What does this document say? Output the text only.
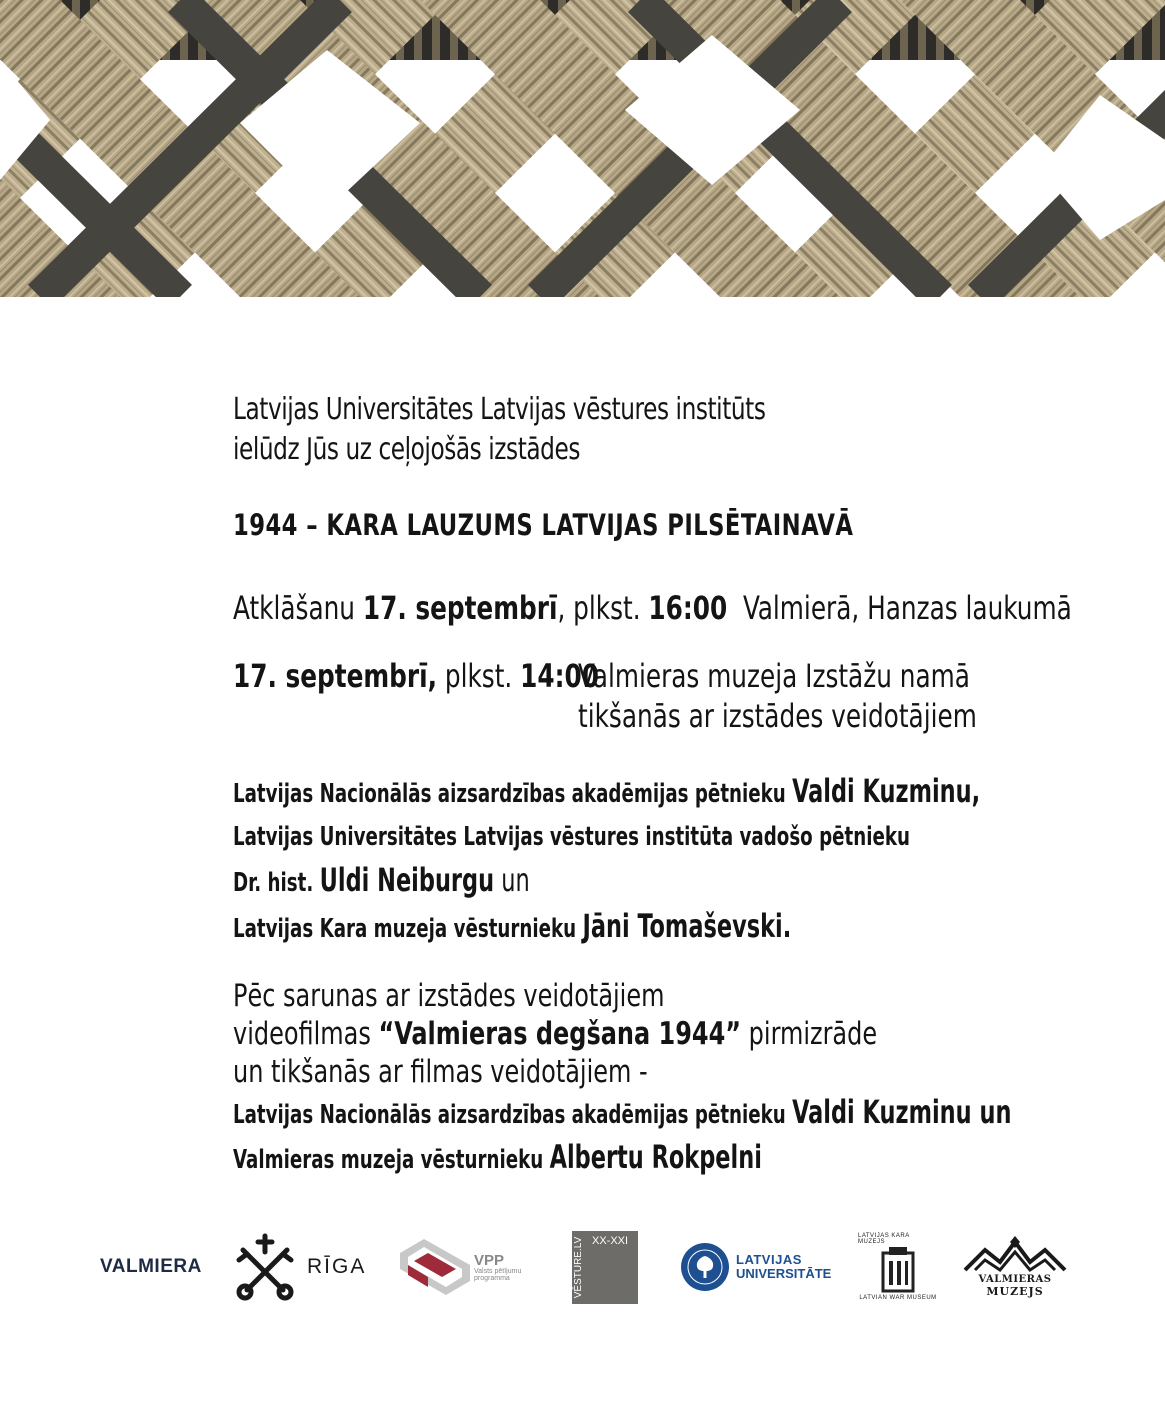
Latvijas Universitātes Latvijas vēstures institūts
ielūdz Jūs uz ceļojošās izstādes
1944 – KARA LAUZUMS LATVIJAS PILSĒTAINAVĀ
Atklāšanu 17. septembrī, plkst. 16:00  Valmierā, Hanzas laukumā
17. septembrī, plkst. 14:00
Valmieras muzeja Izstāžu namā
tikšanās ar izstādes veidotājiem
Latvijas Nacionālās aizsardzības akadēmijas pētnieku Valdi Kuzminu,
Latvijas Universitātes Latvijas vēstures institūta vadošo pētnieku
Dr. hist. Uldi Neiburgu un
Latvijas Kara muzeja vēsturnieku Jāni Tomaševski.
Pēc sarunas ar izstādes veidotājiem
videofilmas “Valmieras degšana 1944” pirmizrāde
un tikšanās ar filmas veidotājiem -
Latvijas Nacionālās aizsardzības akadēmijas pētnieku Valdi Kuzminu un
Valmieras muzeja vēsturnieku Albertu Rokpelni
VALMIERA	RĪGA	VPP
Valsts pētījumu
programma	VĒSTURE.LV XX-XXI
LATVIJAS
UNIVERSITĀTE
LATVIJAS KARA MUZEJS
LATVIAN WAR MUSEUM
VALMIERAS
MUZEJS
